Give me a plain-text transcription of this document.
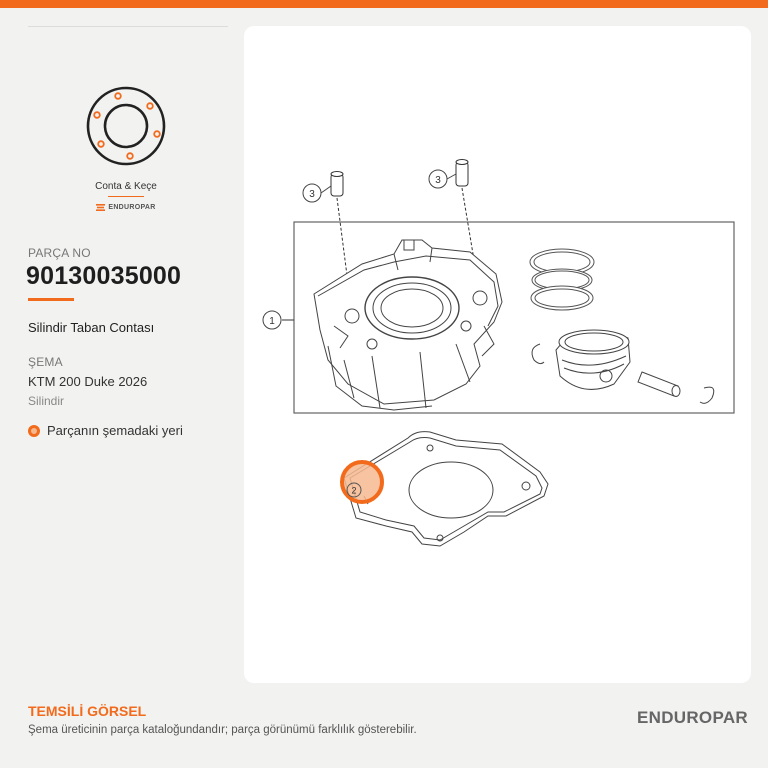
Conta & Keçe
ENDUROPAR
PARÇA NO
90130035000
Silindir Taban Contası
ŞEMA
KTM 200 Duke 2026
Silindir
Parçanın şemadaki yeri
1
2
3
3
TEMSİLİ GÖRSEL
Şema üreticinin parça kataloğundandır; parça görünümü farklılık gösterebilir.
ENDUROPAR
